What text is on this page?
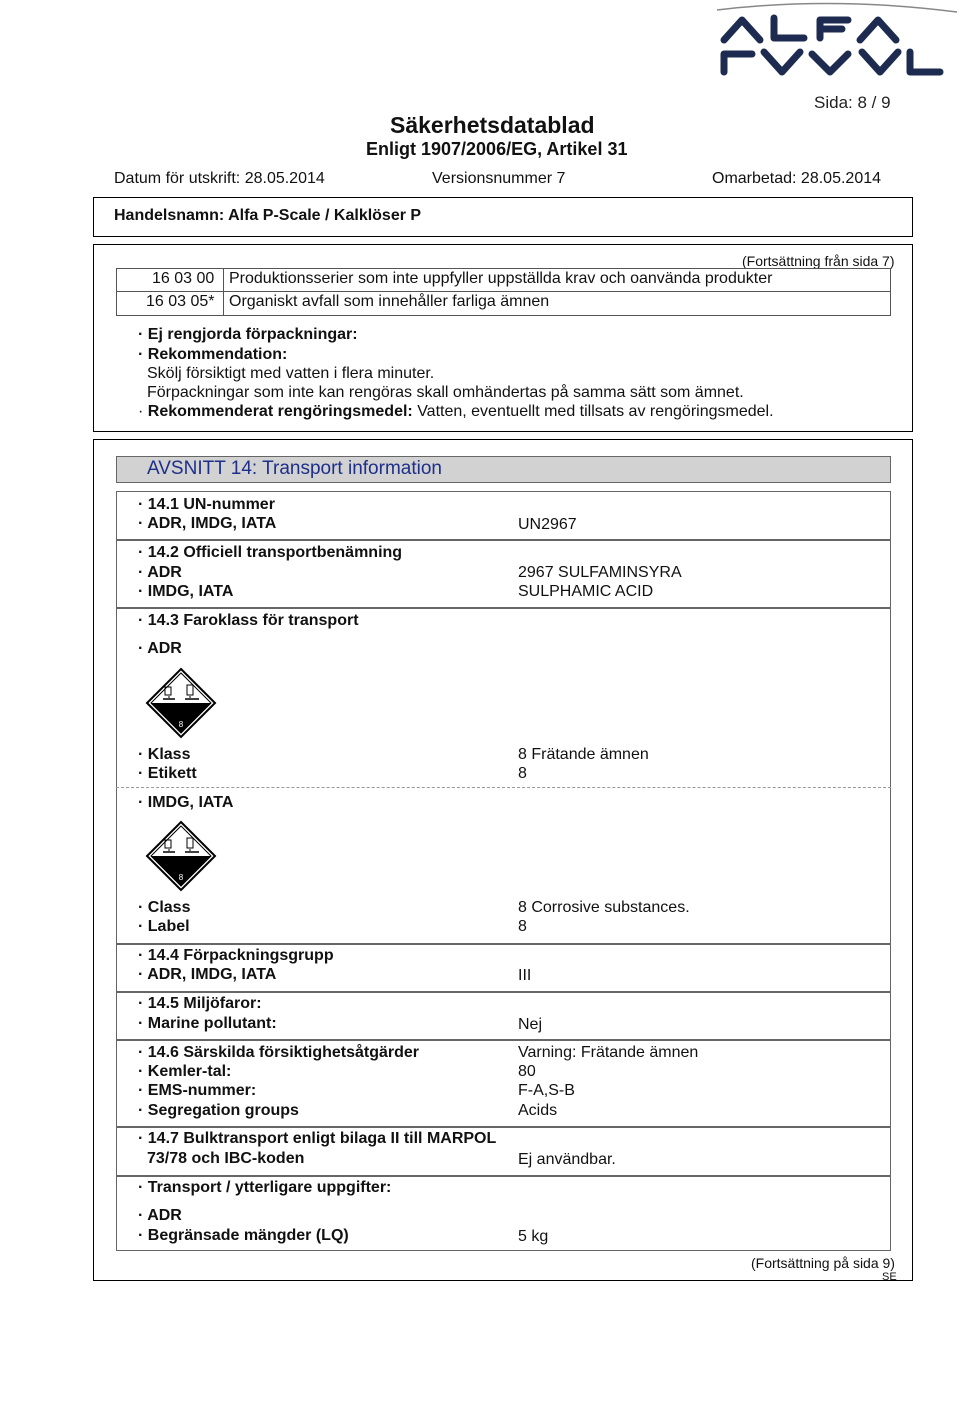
Sida: 8 / 9
Säkerhetsdatablad
Enligt 1907/2006/EG, Artikel 31
Datum för utskrift: 28.05.2014	Versionsnummer 7	Omarbetad: 28.05.2014
Handelsnamn: Alfa P-Scale / Kalklöser P
(Fortsättning från sida 7)
16 03 00 Produktionsserier som inte uppfyller uppställda krav och oanvända produkter
16 03 05* Organiskt avfall som innehåller farliga ämnen
· Ej rengjorda förpackningar:
· Rekommendation:
Skölj försiktigt med vatten i flera minuter.
Förpackningar som inte kan rengöras skall omhändertas på samma sätt som ämnet.
· Rekommenderat rengöringsmedel: Vatten, eventuellt med tillsats av rengöringsmedel.
AVSNITT 14: Transport information
· 14.1 UN-nummer
· ADR, IMDG, IATA	UN2967
· 14.2 Officiell transportbenämning
· ADR	2967 SULFAMINSYRA
· IMDG, IATA	SULPHAMIC ACID
· 14.3 Faroklass för transport
· ADR
8
· Klass	8 Frätande ämnen
· Etikett	8
· IMDG, IATA
8
· Class	8 Corrosive substances.
· Label	8
· 14.4 Förpackningsgrupp
· ADR, IMDG, IATA	III
· 14.5 Miljöfaror:
· Marine pollutant:	Nej
· 14.6 Särskilda försiktighetsåtgärder	Varning: Frätande ämnen
· Kemler-tal:	80
· EMS-nummer:	F-A,S-B
· Segregation groups	Acids
· 14.7 Bulktransport enligt bilaga II till MARPOL
73/78 och IBC-koden	Ej användbar.
· Transport / ytterligare uppgifter:
· ADR
· Begränsade mängder (LQ)	5 kg
(Fortsättning på sida 9)
SE
